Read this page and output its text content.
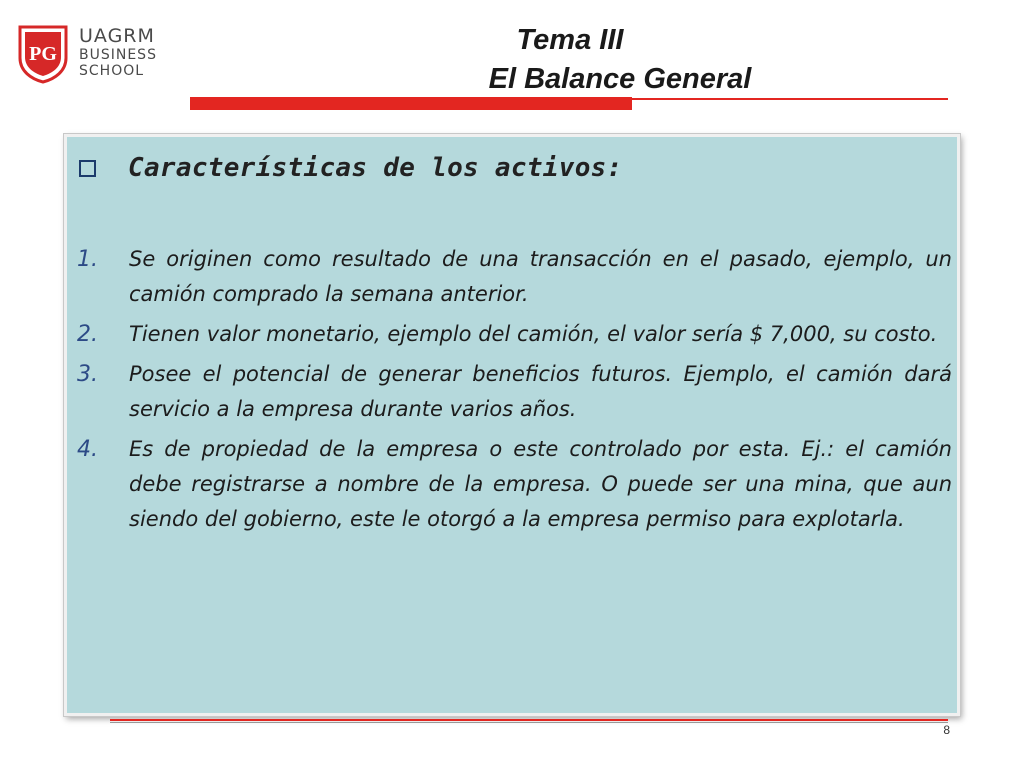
PG
UAGRM
BUSINESS
SCHOOL
Tema III
El Balance General
Características de los activos:
1.	Se originen como resultado de una transacción en el pasado, ejemplo, un camión comprado la semana anterior.
2.	Tienen valor monetario, ejemplo del camión, el valor sería $ 7,000, su costo.
3.	Posee el potencial de generar beneficios futuros. Ejemplo, el camión dará servicio a la empresa durante varios años.
4.	Es de propiedad de la empresa o este controlado por esta. Ej.: el camión debe registrarse a nombre de la empresa. O puede ser una mina, que aun siendo del gobierno, este le otorgó a la empresa permiso para explotarla.
8
